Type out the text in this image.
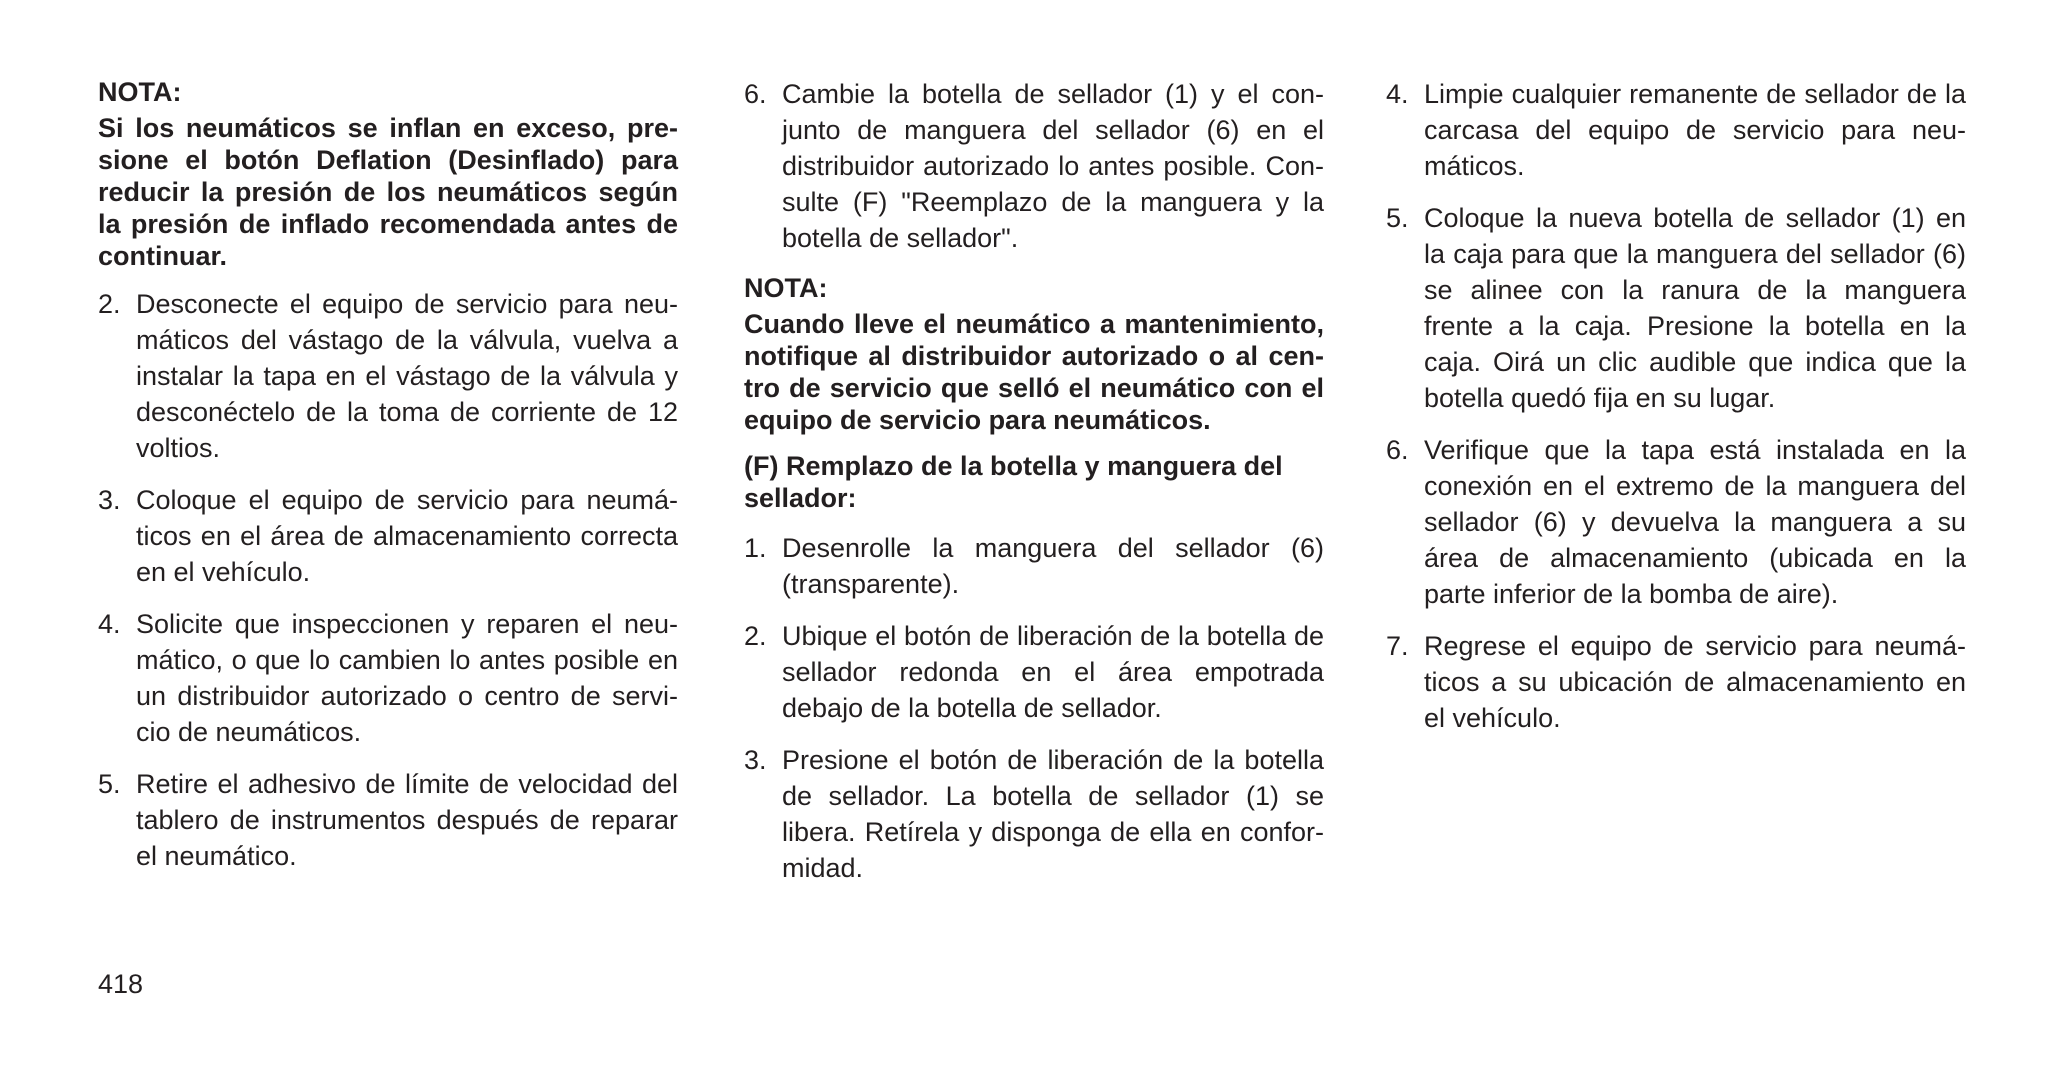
NOTA:
Si los neumáticos se inflan en exceso, pre-sione el botón Deflation (Desinflado) para reducir la presión de los neumáticos según la presión de inflado recomendada antes de continuar.
2. Desconecte el equipo de servicio para neu-máticos del vástago de la válvula, vuelva a instalar la tapa en el vástago de la válvula y desconéctelo de la toma de corriente de 12 voltios.
3. Coloque el equipo de servicio para neumá-ticos en el área de almacenamiento correcta en el vehículo.
4. Solicite que inspeccionen y reparen el neu-mático, o que lo cambien lo antes posible en un distribuidor autorizado o centro de servi-cio de neumáticos.
5. Retire el adhesivo de límite de velocidad del tablero de instrumentos después de reparar el neumático.
6. Cambie la botella de sellador (1) y el con-junto de manguera del sellador (6) en el distribuidor autorizado lo antes posible. Con-sulte (F) "Reemplazo de la manguera y la botella de sellador".
NOTA:
Cuando lleve el neumático a mantenimiento, notifique al distribuidor autorizado o al cen-tro de servicio que selló el neumático con el equipo de servicio para neumáticos.
(F) Remplazo de la botella y manguera del sellador:
1. Desenrolle la manguera del sellador (6) (transparente).
2. Ubique el botón de liberación de la botella de sellador redonda en el área empotrada debajo de la botella de sellador.
3. Presione el botón de liberación de la botella de sellador. La botella de sellador (1) se libera. Retírela y disponga de ella en confor-midad.
4. Limpie cualquier remanente de sellador de la carcasa del equipo de servicio para neu-máticos.
5. Coloque la nueva botella de sellador (1) en la caja para que la manguera del sellador (6) se alinee con la ranura de la manguera frente a la caja. Presione la botella en la caja. Oirá un clic audible que indica que la botella quedó fija en su lugar.
6. Verifique que la tapa está instalada en la conexión en el extremo de la manguera del sellador (6) y devuelva la manguera a su área de almacenamiento (ubicada en la parte inferior de la bomba de aire).
7. Regrese el equipo de servicio para neumá-ticos a su ubicación de almacenamiento en el vehículo.
418
